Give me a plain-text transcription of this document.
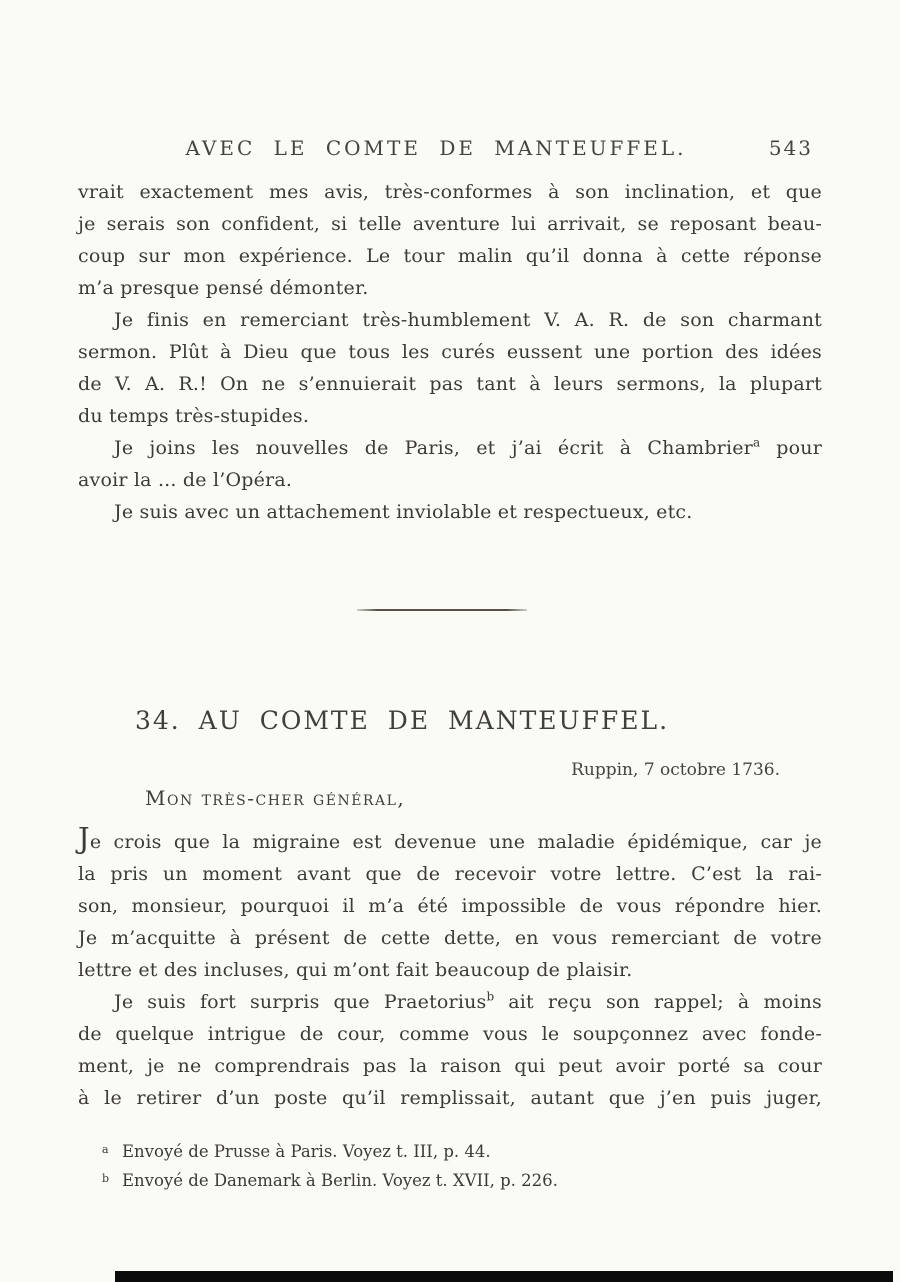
AVEC LE COMTE DE MANTEUFFEL.	543
vrait exactement mes avis, très-conformes à son inclination, et que
je serais son confident, si telle aventure lui arrivait, se reposant beau-
coup sur mon expérience. Le tour malin qu’il donna à cette réponse
m’a presque pensé démonter.
Je finis en remerciant très-humblement V. A. R. de son charmant
sermon. Plût à Dieu que tous les curés eussent une portion des idées
de V. A. R.! On ne s’ennuierait pas tant à leurs sermons, la plupart
du temps très-stupides.
Je joins les nouvelles de Paris, et j’ai écrit à Chambrier$^a$ pour
avoir la ... de l’Opéra.
Je suis avec un attachement inviolable et respectueux, etc.
34. AU COMTE DE MANTEUFFEL.
Ruppin, 7 octobre 1736.
Mon très-cher général,
Je crois que la migraine est devenue une maladie épidémique, car je
la pris un moment avant que de recevoir votre lettre. C’est la rai-
son, monsieur, pourquoi il m’a été impossible de vous répondre hier.
Je m’acquitte à présent de cette dette, en vous remerciant de votre
lettre et des incluses, qui m’ont fait beaucoup de plaisir.
Je suis fort surpris que Praetorius$^b$ ait reçu son rappel; à moins
de quelque intrigue de cour, comme vous le soupçonnez avec fonde-
ment, je ne comprendrais pas la raison qui peut avoir porté sa cour
à le retirer d’un poste qu’il remplissait, autant que j’en puis juger,
a Envoyé de Prusse à Paris. Voyez t. III, p. 44.
b Envoyé de Danemark à Berlin. Voyez t. XVII, p. 226.
